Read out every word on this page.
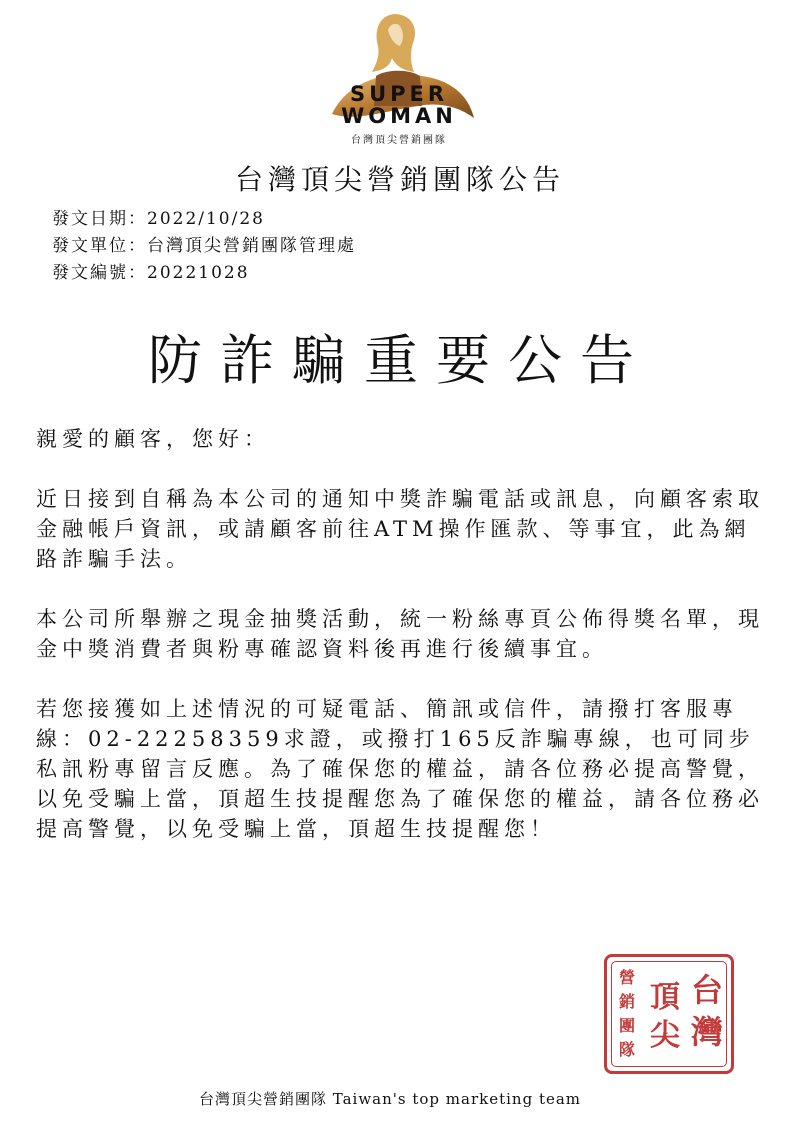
SUPER
WOMAN
台灣頂尖營銷團隊
台灣頂尖營銷團隊公告
發文日期：2022/10/28
發文單位：台灣頂尖營銷團隊管理處
發文編號：20221028
防詐騙重要公告

親愛的顧客，您好：

近日接到自稱為本公司的通知中獎詐騙電話或訊息，向顧客索取金融帳戶資訊，或請顧客前往ATM操作匯款、等事宜，此為網路詐騙手法。

本公司所舉辦之現金抽獎活動，統一粉絲專頁公佈得獎名單，現金中獎消費者與粉專確認資料後再進行後續事宜。

若您接獲如上述情況的可疑電話、簡訊或信件，請撥打客服專線：02-22258359求證，或撥打165反詐騙專線，也可同步私訊粉專留言反應。為了確保您的權益，請各位務必提高警覺，以免受騙上當，頂超生技提醒您為了確保您的權益，請各位務必提高警覺，以免受騙上當，頂超生技提醒您！

營
銷
團
隊
頂
尖
台
灣
台灣頂尖營銷團隊 Taiwan's top marketing team
